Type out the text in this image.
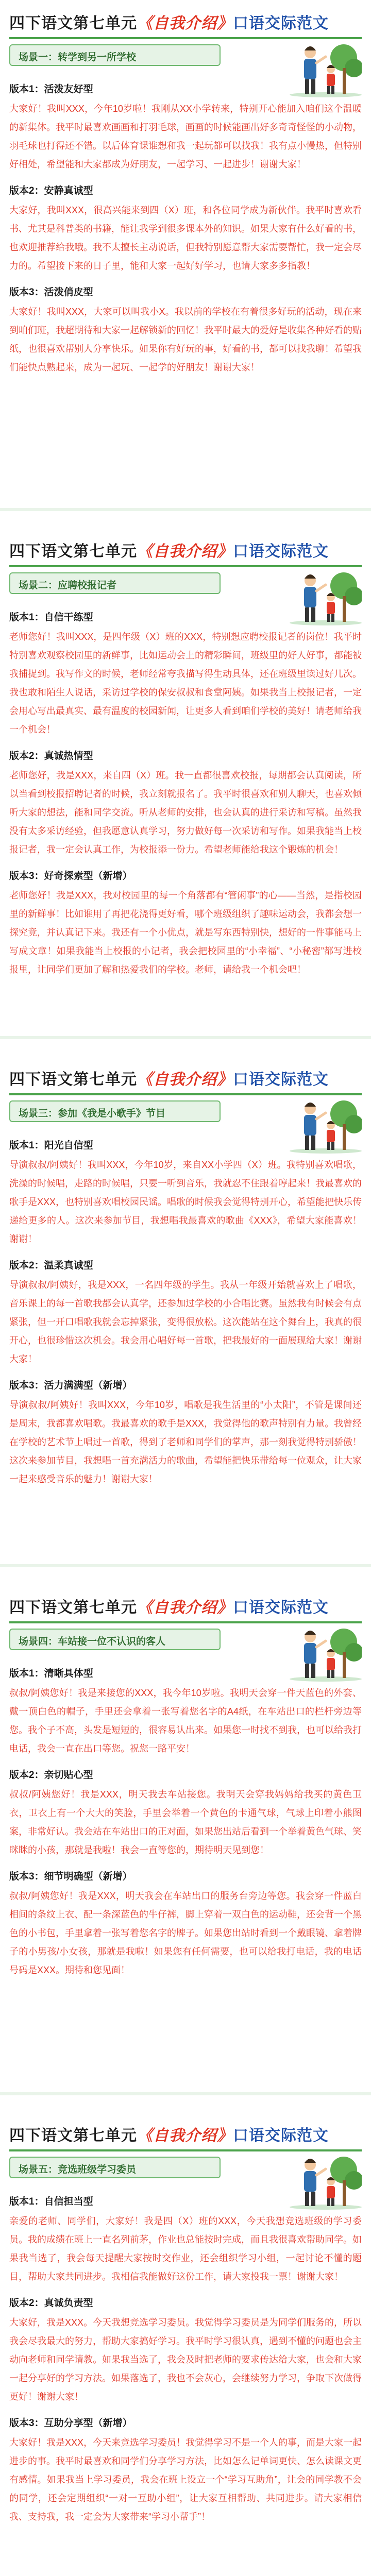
四下语文第七单元《自我介绍》口语交际范文
场景一：转学到另一所学校
版本1：活泼友好型

大家好！我叫XXX，今年10岁啦！我刚从XX小学转来，特别开心能加入咱们这个温暖的新集体。我平时最喜欢画画和打羽毛球，画画的时候能画出好多奇奇怪怪的小动物，羽毛球也打得还不错。以后体育课谁想和我一起玩都可以找我！我有点小慢热，但特别好相处，希望能和大家都成为好朋友，一起学习、一起进步！谢谢大家！

版本2：安静真诚型

大家好，我叫XXX，很高兴能来到四（X）班，和各位同学成为新伙伴。我平时喜欢看书、尤其是科普类的书籍，能让我学到很多课本外的知识。如果大家有什么好看的书，也欢迎推荐给我哦。我不太擅长主动说话，但我特别愿意帮大家需要帮忙，我一定会尽力的。希望接下来的日子里，能和大家一起好好学习，也请大家多多指教！

版本3：活泼俏皮型

大家好！我叫XXX，大家可以叫我小X。我以前的学校在有着很多好玩的活动，现在来到咱们班，我超期待和大家一起解锁新的回忆！我平时最大的爱好是收集各种好看的贴纸，也很喜欢帮别人分享快乐。如果你有好玩的事，好看的书，都可以找我聊！希望我们能快点熟起来，成为一起玩、一起学的好朋友！谢谢大家！

四下语文第七单元《自我介绍》口语交际范文
场景二：应聘校报记者
版本1：自信干练型

老师您好！我叫XXX，是四年级（X）班的XXX，特别想应聘校报记者的岗位！我平时特别喜欢观察校园里的新鲜事，比如运动会上的精彩瞬间，班级里的好人好事，都能被我捕捉到。我写作文的时候，老师经常夸我描写得生动具体，还在班级里读过好几次。我也敢和陌生人说话，采访过学校的保安叔叔和食堂阿姨。如果我当上校报记者，一定会用心写出最真实、最有温度的校园新闻，让更多人看到咱们学校的美好！请老师给我一个机会！

版本2：真诚热情型

老师您好，我是XXX，来自四（X）班。我一直都很喜欢校报，每期都会认真阅读，所以当看到校报招聘记者的时候，我立刻就报名了。我平时很喜欢和别人聊天，也喜欢倾听大家的想法，能和同学交流。听从老师的安排，也会认真的进行采访和写稿。虽然我没有太多采访经验，但我愿意认真学习，努力做好每一次采访和写作。如果我能当上校报记者，我一定会认真工作，为校报添一份力。希望老师能给我这个锻炼的机会！

版本3：好奇探索型（新增）

老师您好！我是XXX，我对校园里的每一个角落都有“管闲事”的心——当然，是指校园里的新鲜事！比如谁用了再把花浇得更好看，哪个班级组织了趣味运动会，我都会想一探究竟，并认真记下来。我还有一个小优点，就是写东西特别快，想好的一件事能马上写成文章！如果我能当上校报的小记者，我会把校园里的“小幸福”、“小秘密”都写进校报里，让同学们更加了解和热爱我们的学校。老师，请给我一个机会吧！

四下语文第七单元《自我介绍》口语交际范文
场景三：参加《我是小歌手》节目
版本1：阳光自信型

导演叔叔/阿姨好！我叫XXX，今年10岁，来自XX小学四（X）班。我特别喜欢唱歌，洗澡的时候唱，走路的时候唱，只要一听到音乐，我就忍不住跟着哼起来！我最喜欢的歌手是XXX，也特别喜欢唱校园民谣。唱歌的时候我会觉得特别开心，希望能把快乐传递给更多的人。这次来参加节目，我想唱我最喜欢的歌曲《XXX》，希望大家能喜欢！谢谢！

版本2：温柔真诚型

导演叔叔/阿姨好，我是XXX，一名四年级的学生。我从一年级开始就喜欢上了唱歌，音乐课上的每一首歌我都会认真学，还参加过学校的小合唱比赛。虽然我有时候会有点紧张，但一开口唱歌我就会忘掉紧张，变得很放松。这次能站在这个舞台上，我真的很开心，也很珍惜这次机会。我会用心唱好每一首歌，把我最好的一面展现给大家！谢谢大家！

版本3：活力满满型（新增）

导演叔叔/阿姨好！我叫XXX，今年10岁，唱歌是我生活里的“小太阳”，不管是课间还是周末，我都喜欢唱歌。我最喜欢的歌手是XXX，我觉得他的歌声特别有力量。我曾经在学校的艺术节上唱过一首歌，得到了老师和同学们的掌声，那一刻我觉得特别骄傲！这次来参加节目，我想唱一首充满活力的歌曲，希望能把快乐带给每一位观众，让大家一起来感受音乐的魅力！谢谢大家！

四下语文第七单元《自我介绍》口语交际范文
场景四：车站接一位不认识的客人
版本1：清晰具体型

叔叔/阿姨您好！我是来接您的XXX，我今年10岁啦。我明天会穿一件天蓝色的外套、戴一顶白色的帽子，手里还会拿着一张写着您名字的A4纸，在车站出口的栏杆旁边等您。我个子不高，头发是短短的，很容易认出来。如果您一时找不到我，也可以给我打电话，我会一直在出口等您。祝您一路平安！

版本2：亲切贴心型

叔叔/阿姨您好！我是XXX，明天我去车站接您。我明天会穿我妈妈给我买的黄色卫衣，卫衣上有一个大大的笑脸，手里会举着一个黄色的卡通气球，气球上印着小熊图案，非常好认。我会站在车站出口的正对面，如果您出站后看到一个举着黄色气球、笑眯眯的小孩，那就是我啦！我会一直等您的，期待明天见到您！

版本3：细节明确型（新增）

叔叔/阿姨您好！我是XXX，明天我会在车站出口的服务台旁边等您。我会穿一件蓝白相间的条纹上衣、配一条深蓝色的牛仔裤，脚上穿着一双白色的运动鞋，还会背一个黑色的小书包，手里拿着一张写着您名字的牌子。如果您出站时看到一个戴眼镜、拿着牌子的小男孩/小女孩，那就是我啦！如果您有任何需要，也可以给我打电话，我的电话号码是XXX。期待和您见面！

四下语文第七单元《自我介绍》口语交际范文
场景五：竞选班级学习委员
版本1：自信担当型

亲爱的老师、同学们，大家好！我是四（X）班的XXX，今天我想竞选班级的学习委员。我的成绩在班上一直名列前茅，作业也总能按时完成，而且我很喜欢帮助同学。如果我当选了，我会每天提醒大家按时交作业，还会组织学习小组，一起讨论不懂的题目，帮助大家共同进步。我相信我能做好这份工作，请大家投我一票！谢谢大家！

版本2：真诚负责型

大家好，我是XXX。今天我想竞选学习委员。我觉得学习委员是为同学们服务的，所以我会尽我最大的努力，帮助大家搞好学习。我平时学习很认真，遇到不懂的问题也会主动向老师和同学请教。如果我当选了，我会及时把老师的要求传达给大家，也会和大家一起分享好的学习方法。如果落选了，我也不会灰心，会继续努力学习，争取下次做得更好！谢谢大家！

版本3：互助分享型（新增）

大家好！我是XXX，今天来竞选学习委员！我觉得学习不是一个人的事，而是大家一起进步的事。我平时最喜欢和同学们分享学习方法，比如怎么记单词更快、怎么读课文更有感情。如果我当上学习委员，我会在班上设立一个“学习互助角”，让会的同学教不会的同学，还会定期组织“一对一互助小组”，让大家互相帮助、共同进步。请大家相信我、支持我，我一定会为大家带来“学习小帮手”！
